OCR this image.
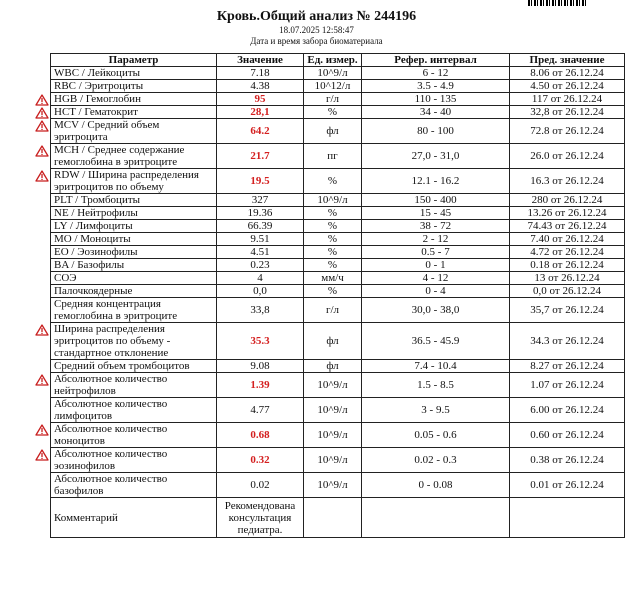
Кровь.Общий анализ № 244196
18.07.2025 12:58:47
Дата и время забора биоматериала
Параметр	Значение	Ед. измер.	Рефер. интервал	Пред. значение
WBC / Лейкоциты	7.18	10^9/л	6 - 12	8.06 от 26.12.24
RBC / Эритроциты	4.38	10^12/л	3.5 - 4.9	4.50 от 26.12.24
HGB / Гемоглобин	95	г/л	110 - 135	117 от 26.12.24
HCT / Гематокрит	28,1	%	34 - 40	32,8 от 26.12.24
MCV / Средний объем эритроцита	64.2	фл	80 - 100	72.8 от 26.12.24
MCH / Среднее содержание гемоглобина в эритроците	21.7	пг	27,0 - 31,0	26.0 от 26.12.24
RDW / Ширина распределения эритроцитов по объему	19.5	%	12.1 - 16.2	16.3 от 26.12.24
PLT / Тромбоциты	327	10^9/л	150 - 400	280 от 26.12.24
NE / Нейтрофилы	19.36	%	15 - 45	13.26 от 26.12.24
LY / Лимфоциты	66.39	%	38 - 72	74.43 от 26.12.24
MO / Моноциты	9.51	%	2 - 12	7.40 от 26.12.24
EO / Эозинофилы	4.51	%	0.5 - 7	4.72 от 26.12.24
BA / Базофилы	0.23	%	0 - 1	0.18 от 26.12.24
СОЭ	4	мм/ч	4 - 12	13 от 26.12.24
Палочкоядерные	0,0	%	0 - 4	0,0 от 26.12.24
Средняя концентрация гемоглобина в эритроците	33,8	г/л	30,0 - 38,0	35,7 от 26.12.24
Ширина распределения эритроцитов по объему - стандартное отклонение	35.3	фл	36.5 - 45.9	34.3 от 26.12.24
Средний объем тромбоцитов	9.08	фл	7.4 - 10.4	8.27 от 26.12.24
Абсолютное количество нейтрофилов	1.39	10^9/л	1.5 - 8.5	1.07 от 26.12.24
Абсолютное количество лимфоцитов	4.77	10^9/л	3 - 9.5	6.00 от 26.12.24
Абсолютное количество моноцитов	0.68	10^9/л	0.05 - 0.6	0.60 от 26.12.24
Абсолютное количество эозинофилов	0.32	10^9/л	0.02 - 0.3	0.38 от 26.12.24
Абсолютное количество базофилов	0.02	10^9/л	0 - 0.08	0.01 от 26.12.24
Комментарий	Рекомендована консультация педиатра.			
